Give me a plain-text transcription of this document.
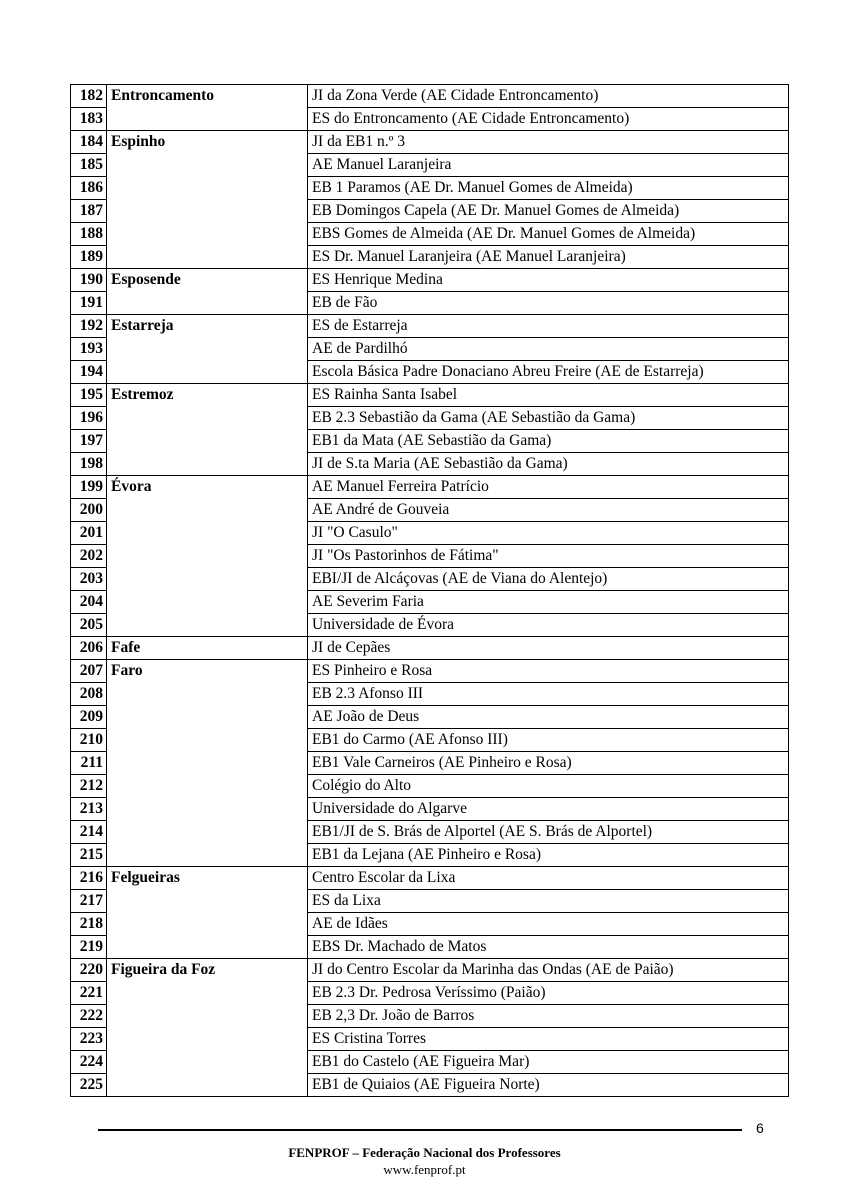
182	Entroncamento	JI da Zona Verde (AE Cidade Entroncamento)
183		ES do Entroncamento (AE Cidade Entroncamento)
184	Espinho	JI da EB1 n.º 3
185		AE Manuel Laranjeira
186		EB 1 Paramos (AE Dr. Manuel Gomes de Almeida)
187		EB Domingos Capela (AE Dr. Manuel Gomes de Almeida)
188		EBS Gomes de Almeida (AE Dr. Manuel Gomes de Almeida)
189		ES Dr. Manuel Laranjeira (AE Manuel Laranjeira)
190	Esposende	ES Henrique Medina
191		EB de Fão
192	Estarreja	ES de Estarreja
193		AE de Pardilhó
194		Escola Básica Padre Donaciano Abreu Freire (AE de Estarreja)
195	Estremoz	ES Rainha Santa Isabel
196		EB 2.3 Sebastião da Gama (AE Sebastião da Gama)
197		EB1 da Mata (AE Sebastião da Gama)
198		JI de S.ta Maria (AE Sebastião da Gama)
199	Évora	AE Manuel Ferreira Patrício
200		AE André de Gouveia
201		JI "O Casulo"
202		JI "Os Pastorinhos de Fátima"
203		EBI/JI de Alcáçovas (AE de Viana do Alentejo)
204		AE Severim Faria
205		Universidade de Évora
206	Fafe	JI de Cepães
207	Faro	ES Pinheiro e Rosa
208		EB 2.3 Afonso III
209		AE João de Deus
210		EB1 do Carmo (AE Afonso III)
211		EB1 Vale Carneiros (AE Pinheiro e Rosa)
212		Colégio do Alto
213		Universidade do Algarve
214		EB1/JI de S. Brás de Alportel (AE S. Brás de Alportel)
215		EB1 da Lejana (AE Pinheiro e Rosa)
216	Felgueiras	Centro Escolar da Lixa
217		ES da Lixa
218		AE de Idães
219		EBS Dr. Machado de Matos
220	Figueira da Foz	JI do Centro Escolar da Marinha das Ondas (AE de Paião)
221		EB 2.3 Dr. Pedrosa Veríssimo (Paião)
222		EB 2,3 Dr. João de Barros
223		ES Cristina Torres
224		EB1 do Castelo (AE Figueira Mar)
225		EB1 de Quiaios (AE Figueira Norte)
6
FENPROF – Federação Nacional dos Professores
www.fenprof.pt
